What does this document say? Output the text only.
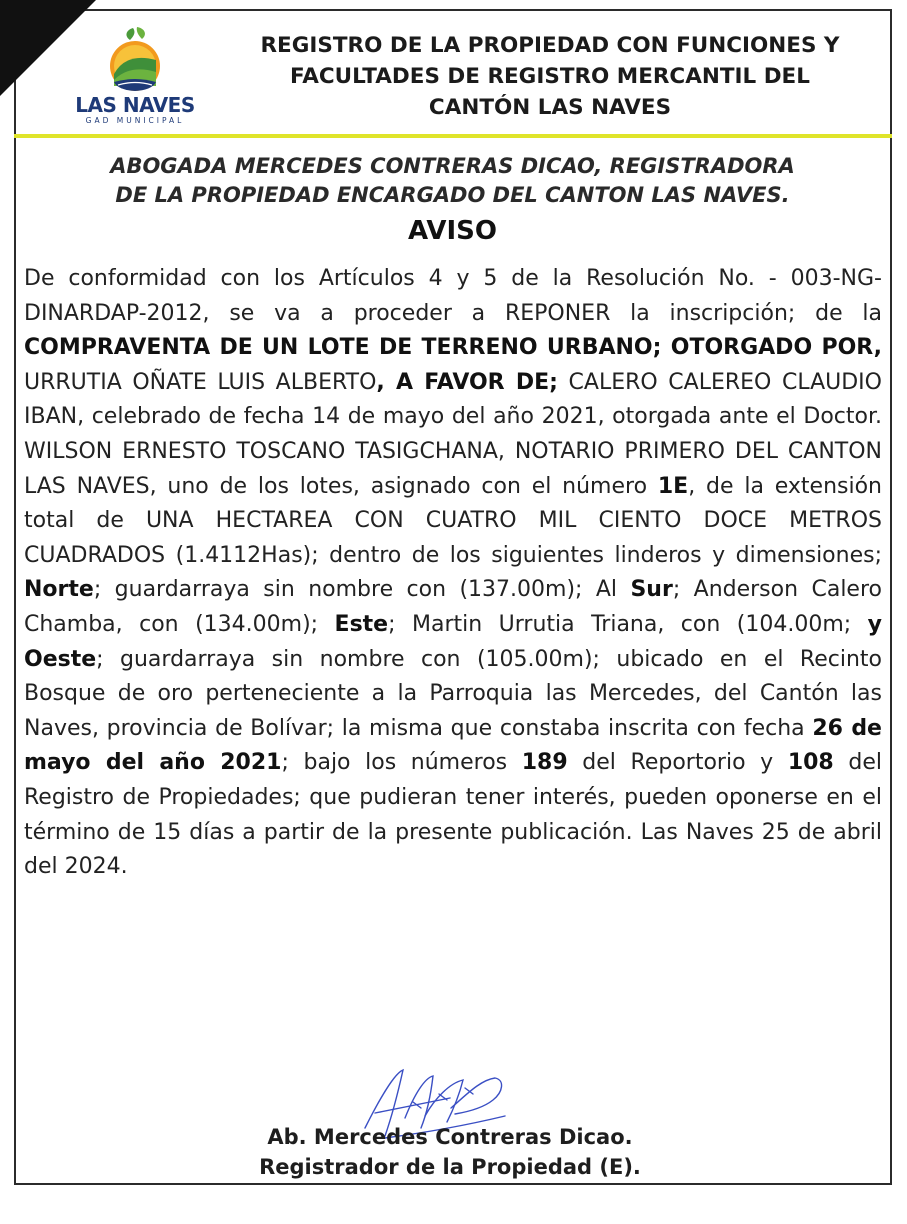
LAS NAVES
GAD MUNICIPAL
REGISTRO DE LA PROPIEDAD CON FUNCIONES Y
FACULTADES DE REGISTRO MERCANTIL DEL
CANTÓN LAS NAVES
ABOGADA MERCEDES CONTRERAS DICAO, REGISTRADORA
DE LA PROPIEDAD ENCARGADO DEL CANTON LAS NAVES.
AVISO
De conformidad con los Artículos 4 y 5 de la Resolución No. - 003-NG- DINARDAP-2012, se va a proceder a REPONER la inscripción; de la COMPRAVENTA DE UN LOTE DE TERRENO URBANO; OTORGADO POR, URRUTIA OÑATE LUIS ALBERTO, A FAVOR DE; CALERO CALEREO CLAUDIO IBAN, celebrado de fecha 14 de mayo del año 2021, otorgada ante el Doctor. WILSON ERNESTO TOSCANO TASIGCHANA, NOTARIO PRIMERO DEL CANTON LAS NAVES, uno de los lotes, asignado con el número 1E, de la extensión total de UNA HECTAREA CON CUATRO MIL CIENTO DOCE METROS CUADRADOS (1.4112Has); dentro de los siguientes linderos y dimensiones; Norte; guardarraya sin nombre con (137.00m); Al Sur; Anderson Calero Chamba, con (134.00m); Este; Martin Urrutia Triana, con (104.00m; y Oeste; guardarraya sin nombre con (105.00m); ubicado en el Recinto Bosque de oro perteneciente a la Parroquia las Mercedes, del Cantón las Naves, provincia de Bolívar; la misma que constaba inscrita con fecha 26 de mayo del año 2021; bajo los números 189 del Reportorio y 108 del Registro de Propiedades; que pudieran tener interés, pueden oponerse en el término de 15 días a partir de la presente publicación. Las Naves 25 de abril del 2024.
Ab. Mercedes Contreras Dicao.
Registrador de la Propiedad (E).
